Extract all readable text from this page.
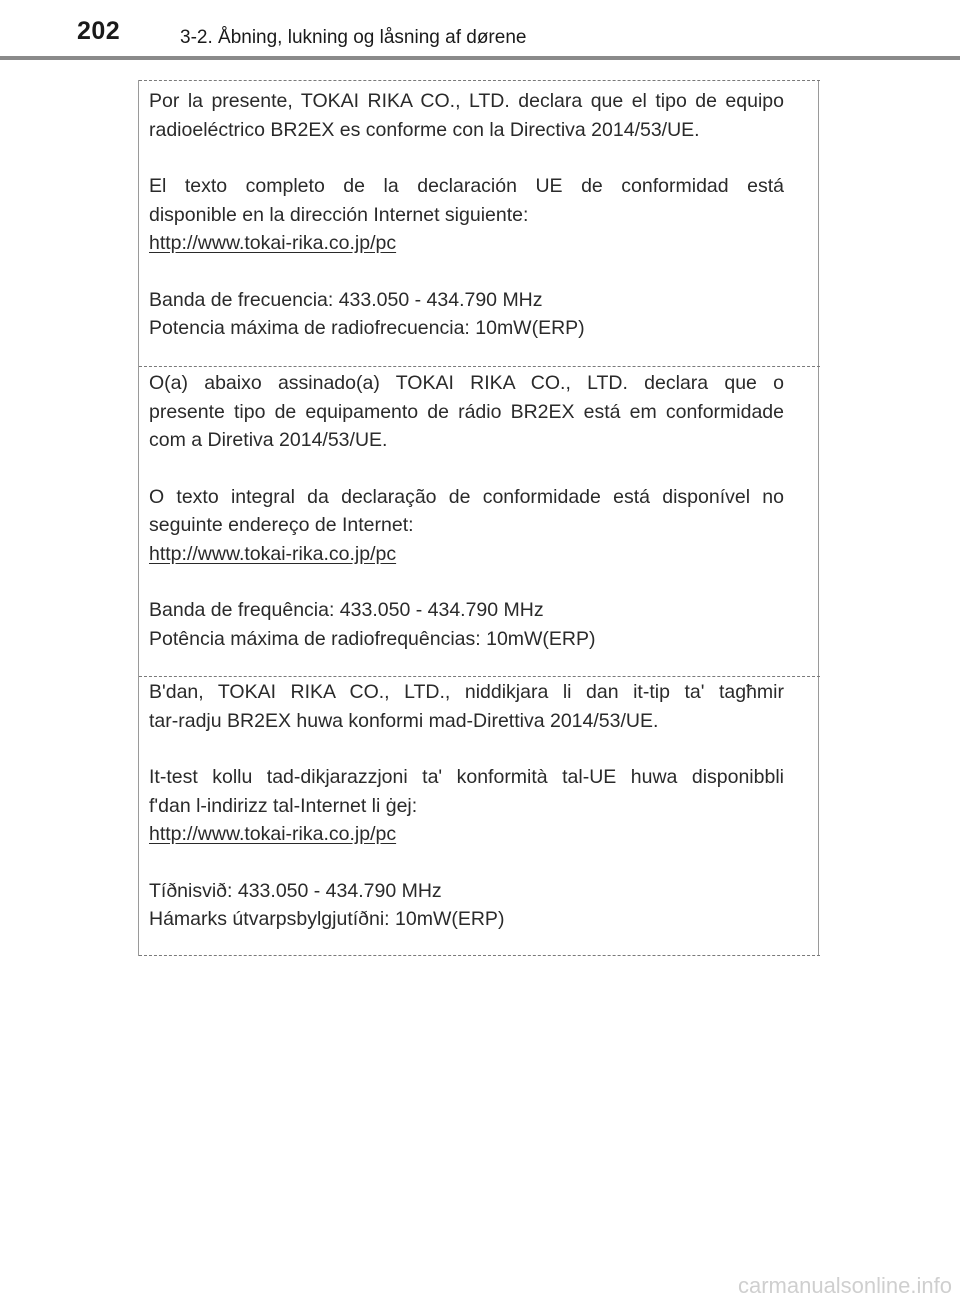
202	3-2. Åbning, lukning og låsning af dørene

Por la presente, TOKAI RIKA CO., LTD. declara que el tipo de equipo

radioeléctrico BR2EX es conforme con la Directiva 2014/53/UE.

El texto completo de la declaración UE de conformidad está

disponible en la dirección Internet siguiente:

http://www.tokai-rika.co.jp/pc

Banda de frecuencia: 433.050 - 434.790 MHz

Potencia máxima de radiofrecuencia: 10mW(ERP)

O(a) abaixo assinado(a) TOKAI RIKA CO., LTD. declara que o

presente tipo de equipamento de rádio BR2EX está em conformidade

com a Diretiva 2014/53/UE.

O texto integral da declaração de conformidade está disponível no

seguinte endereço de Internet:

http://www.tokai-rika.co.jp/pc

Banda de frequência: 433.050 - 434.790 MHz

Potência máxima de radiofrequências: 10mW(ERP)

B'dan, TOKAI RIKA CO., LTD., niddikjara li dan it-tip ta' tagħmir

tar-radju BR2EX huwa konformi mad-Direttiva 2014/53/UE.

It-test kollu tad-dikjarazzjoni ta' konformità tal-UE huwa disponibbli

f'dan l-indirizz tal-Internet li ġej:

http://www.tokai-rika.co.jp/pc

Tíðnisvið: 433.050 - 434.790 MHz

Hámarks útvarpsbylgjutíðni: 10mW(ERP)

carmanualsonline.info
